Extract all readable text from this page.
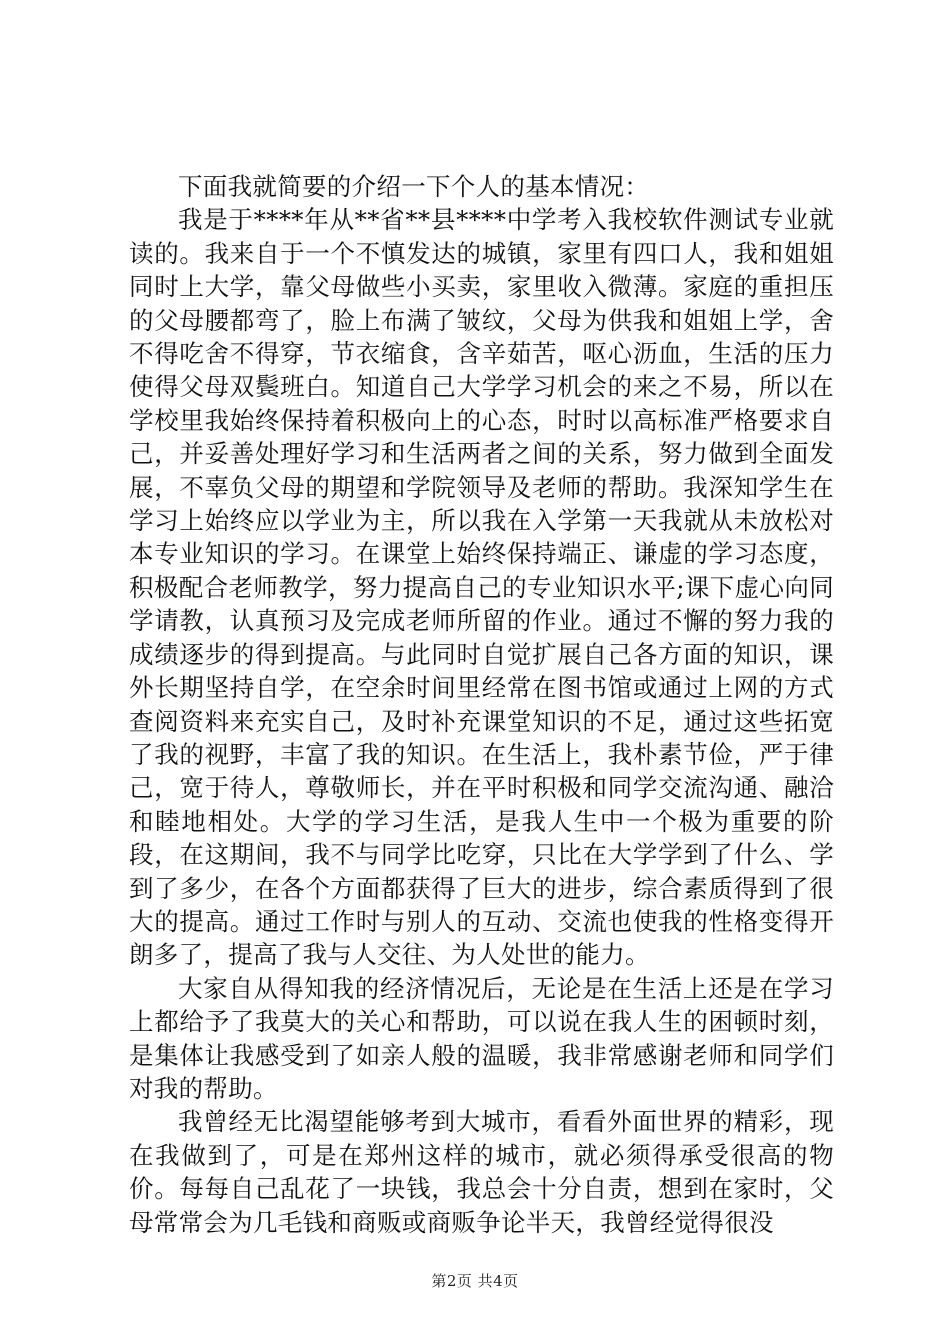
下面我就简要的介绍一下个人的基本情况：

我是于****年从**省**县****中学考入我校软件测试专业就读的。我来自于一个不慎发达的城镇，家里有四口人，我和姐姐同时上大学，靠父母做些小买卖，家里收入微薄。家庭的重担压的父母腰都弯了，脸上布满了皱纹，父母为供我和姐姐上学，舍不得吃舍不得穿，节衣缩食，含辛茹苦，呕心沥血，生活的压力使得父母双鬓班白。知道自己大学学习机会的来之不易，所以在学校里我始终保持着积极向上的心态，时时以高标准严格要求自己，并妥善处理好学习和生活两者之间的关系，努力做到全面发展，不辜负父母的期望和学院领导及老师的帮助。我深知学生在学习上始终应以学业为主，所以我在入学第一天我就从未放松对本专业知识的学习。在课堂上始终保持端正、谦虚的学习态度，积极配合老师教学，努力提高自己的专业知识水平;课下虚心向同学请教，认真预习及完成老师所留的作业。通过不懈的努力我的成绩逐步的得到提高。与此同时自觉扩展自己各方面的知识，课外长期坚持自学，在空余时间里经常在图书馆或通过上网的方式查阅资料来充实自己，及时补充课堂知识的不足，通过这些拓宽了我的视野，丰富了我的知识。在生活上，我朴素节俭，严于律己，宽于待人，尊敬师长，并在平时积极和同学交流沟通、融洽和睦地相处。大学的学习生活，是我人生中一个极为重要的阶段，在这期间，我不与同学比吃穿，只比在大学学到了什么、学到了多少，在各个方面都获得了巨大的进步，综合素质得到了很大的提高。通过工作时与别人的互动、交流也使我的性格变得开朗多了，提高了我与人交往、为人处世的能力。

大家自从得知我的经济情况后，无论是在生活上还是在学习上都给予了我莫大的关心和帮助，可以说在我人生的困顿时刻，是集体让我感受到了如亲人般的温暖，我非常感谢老师和同学们对我的帮助。

我曾经无比渴望能够考到大城市，看看外面世界的精彩，现在我做到了，可是在郑州这样的城市，就必须得承受很高的物价。每每自己乱花了一块钱，我总会十分自责，想到在家时，父母常常会为几毛钱和商贩或商贩争论半天，我曾经觉得很没

第2页 共4页
